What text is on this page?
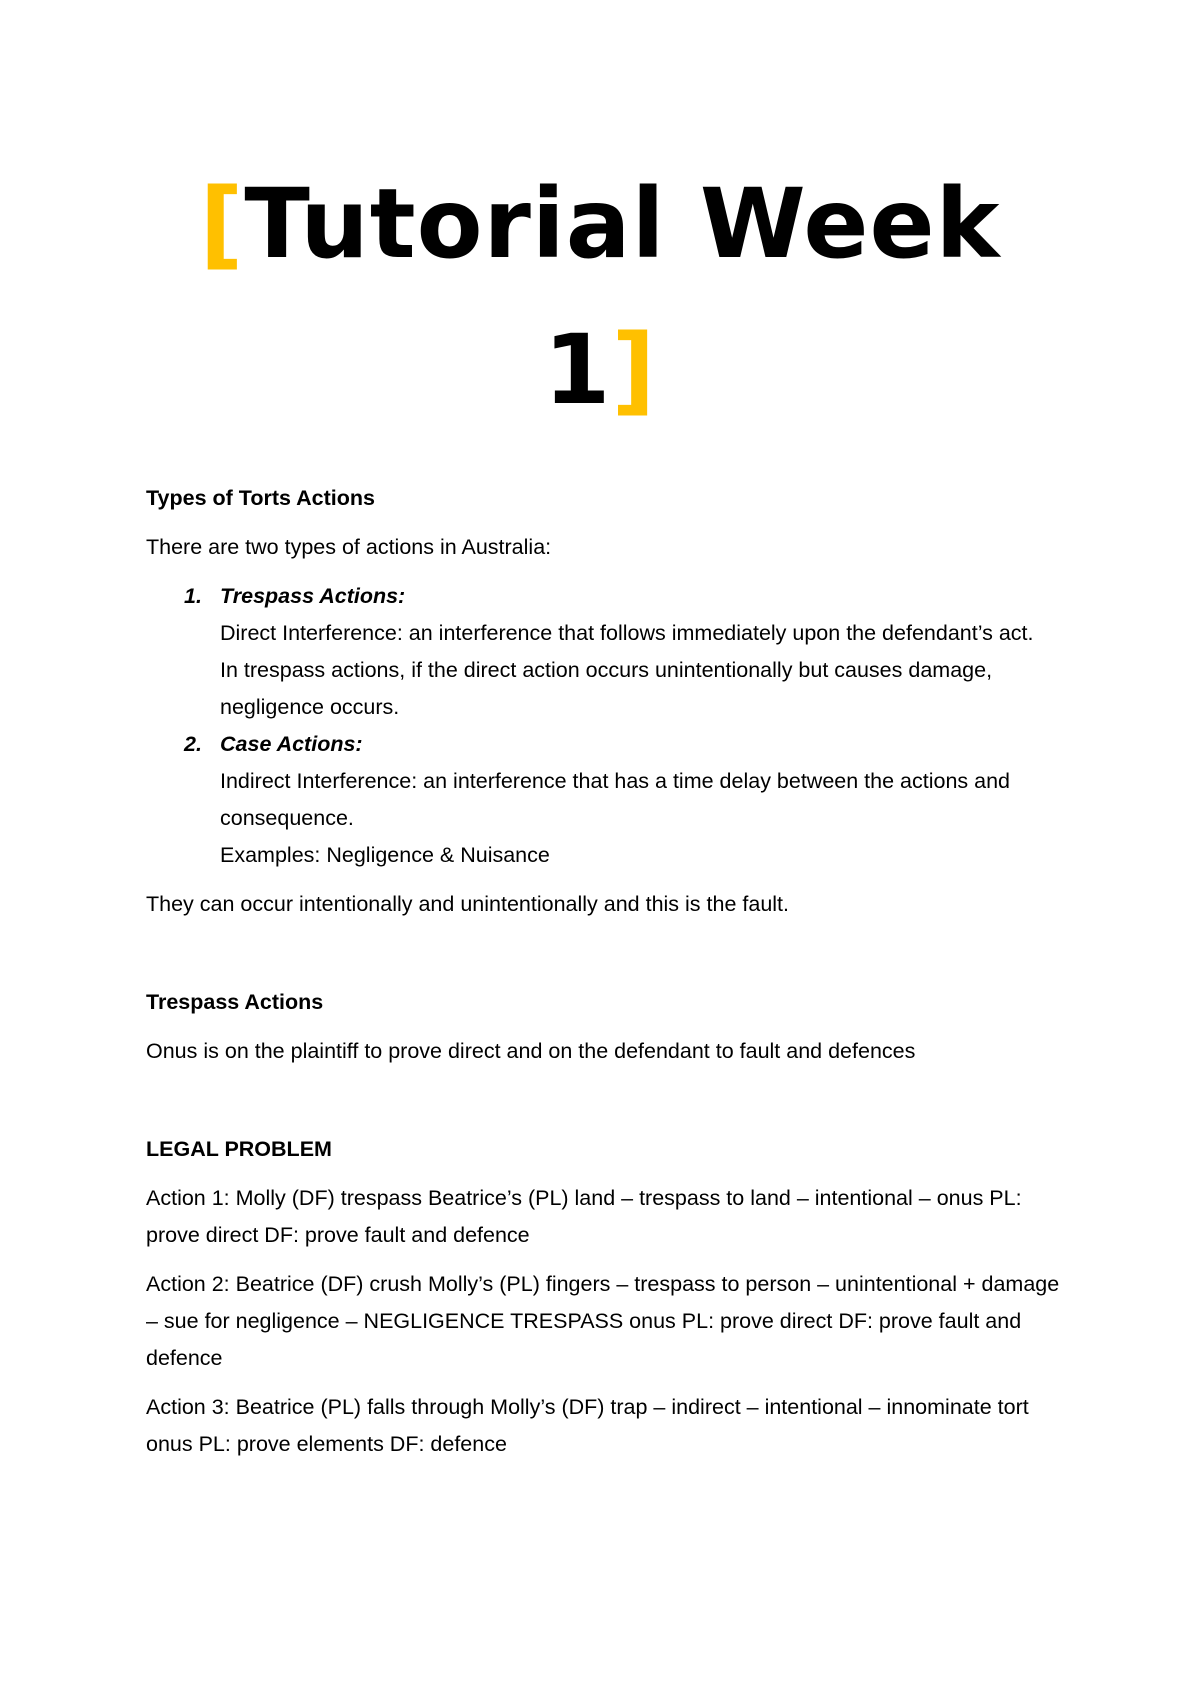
[Tutorial Week
1]
Types of Torts Actions
There are two types of actions in Australia:
1. Trespass Actions:
Direct Interference: an interference that follows immediately upon the defendant’s act.
In trespass actions, if the direct action occurs unintentionally but causes damage, negligence occurs.
2. Case Actions:
Indirect Interference: an interference that has a time delay between the actions and consequence.
Examples: Negligence & Nuisance
They can occur intentionally and unintentionally and this is the fault.
Trespass Actions
Onus is on the plaintiff to prove direct and on the defendant to fault and defences
LEGAL PROBLEM
Action 1: Molly (DF) trespass Beatrice’s (PL) land – trespass to land – intentional – onus PL: prove direct DF: prove fault and defence
Action 2: Beatrice (DF) crush Molly’s (PL) fingers – trespass to person – unintentional + damage – sue for negligence – NEGLIGENCE TRESPASS onus PL: prove direct DF: prove fault and defence
Action 3: Beatrice (PL) falls through Molly’s (DF) trap – indirect – intentional – innominate tort onus PL: prove elements DF: defence
